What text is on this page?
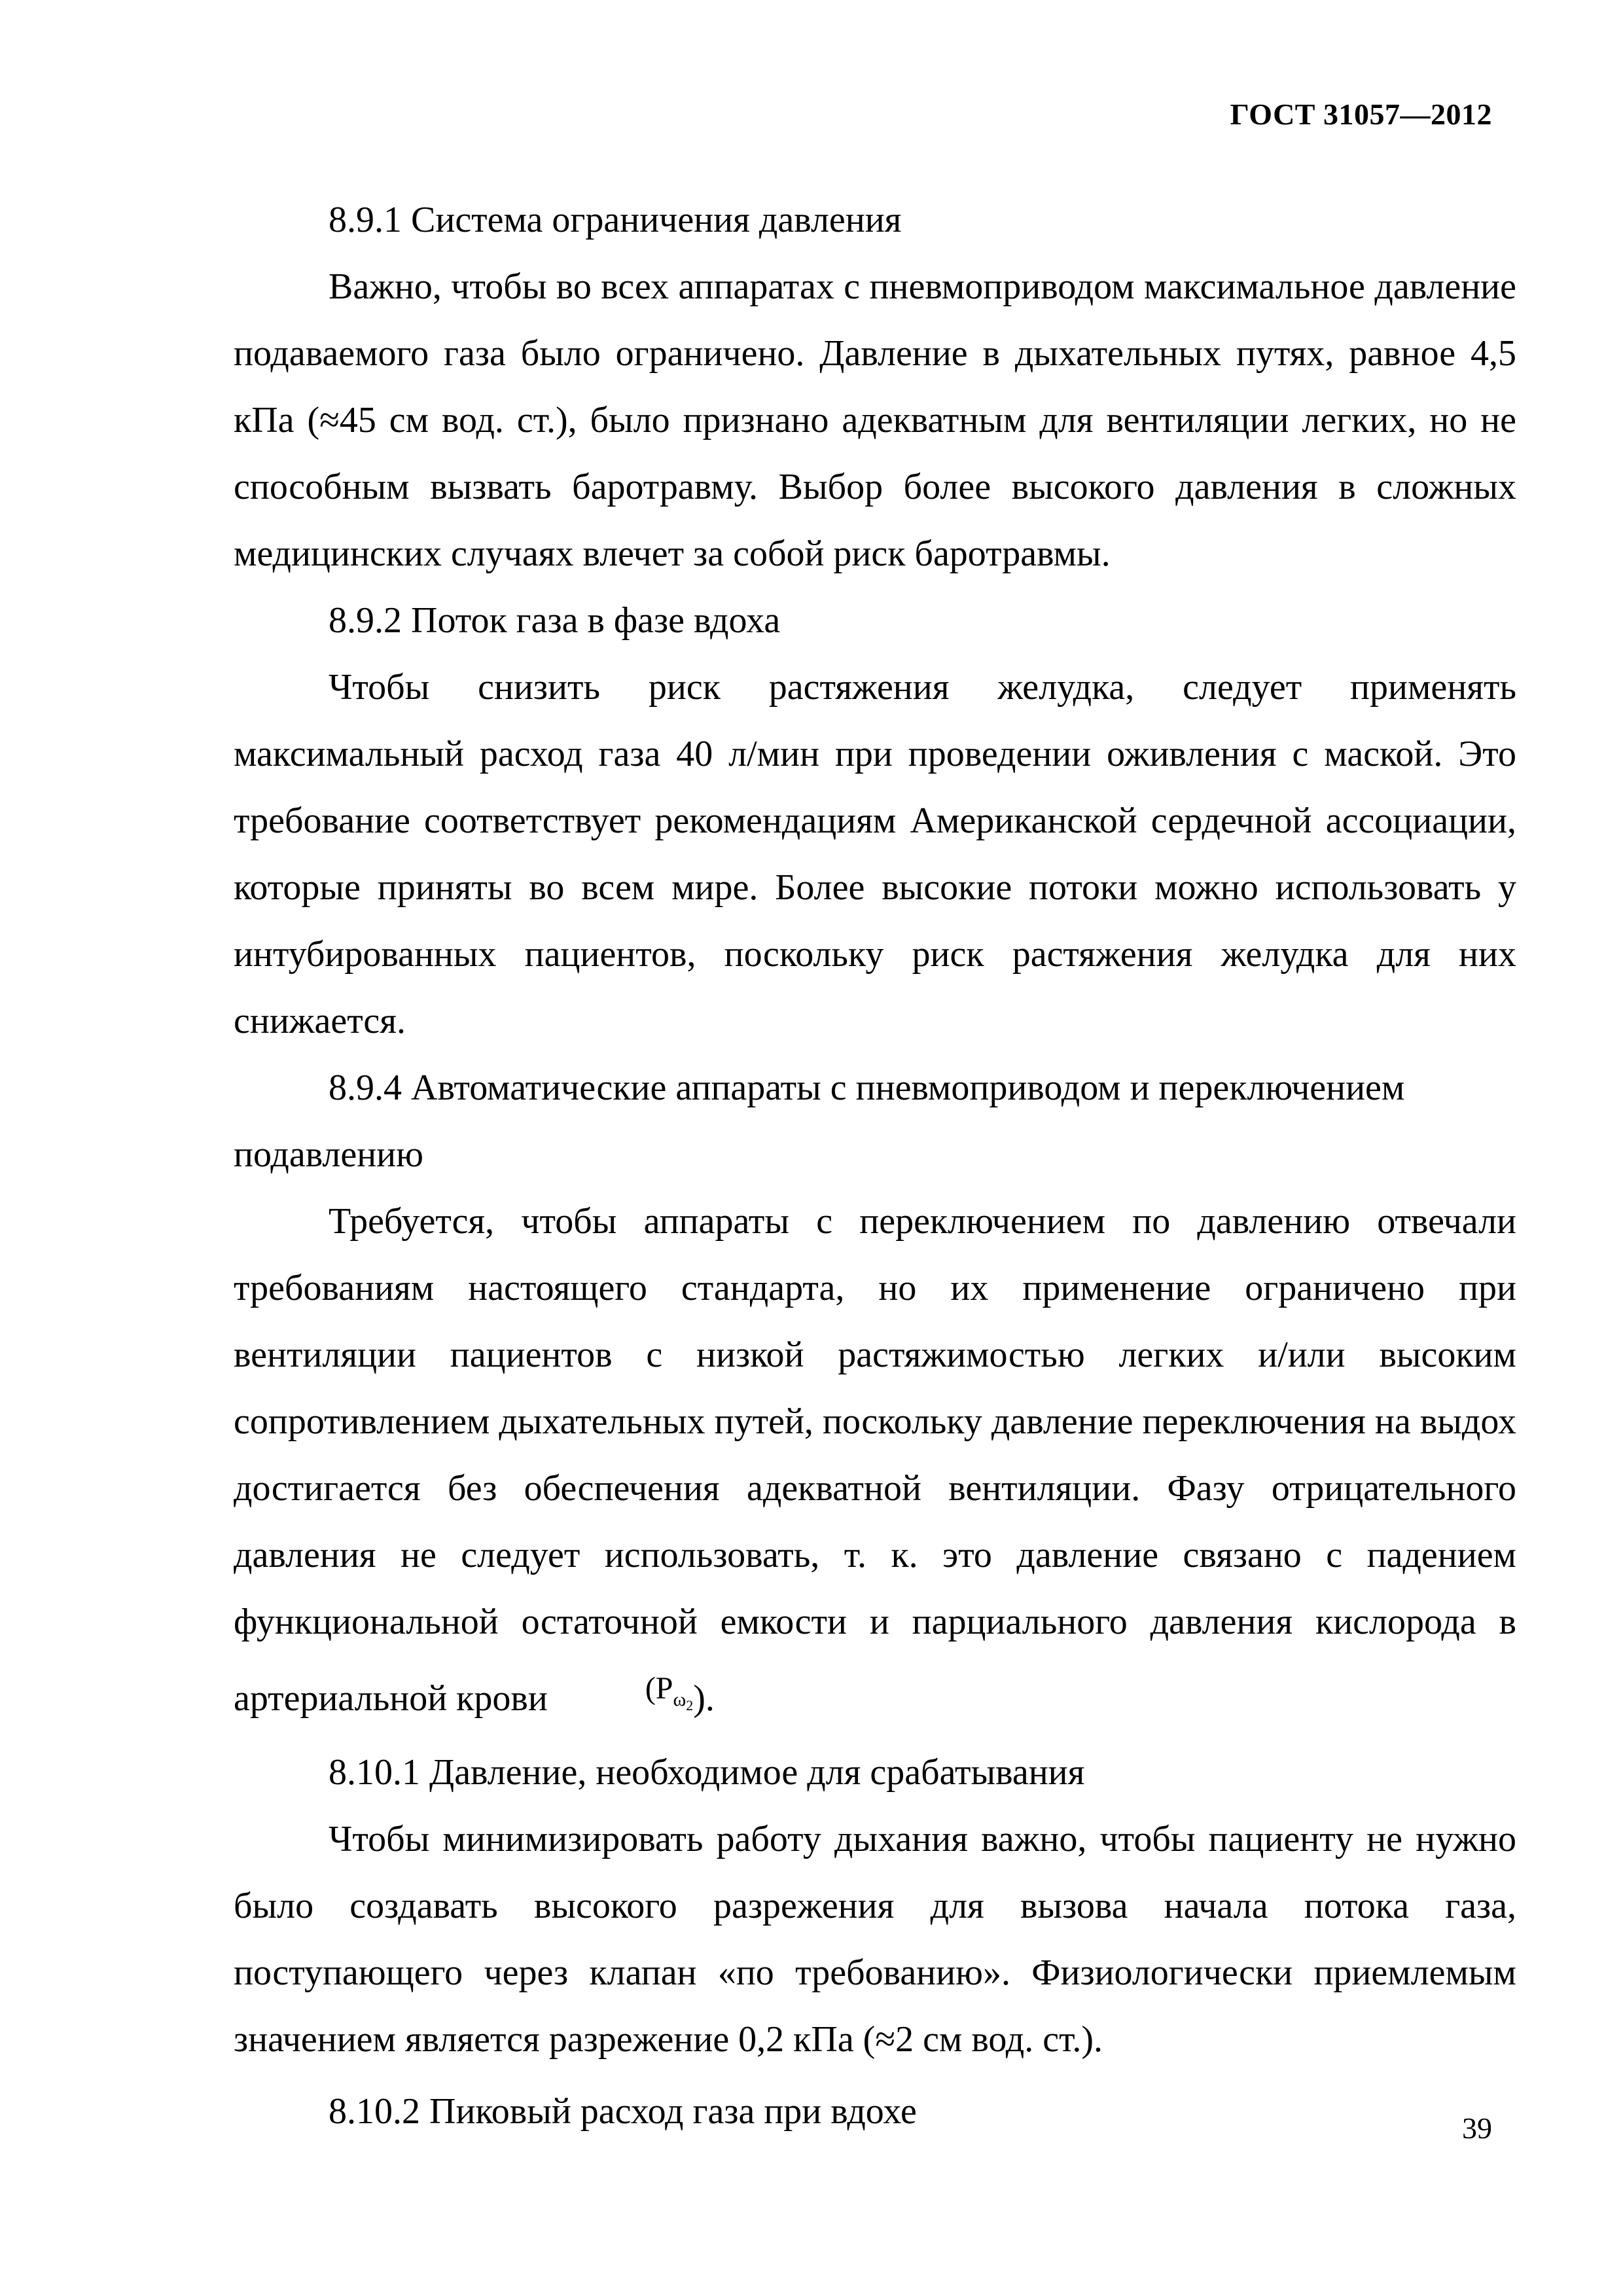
ГОСТ 31057—2012

8.9.1 Система ограничения давления

Важно, чтобы во всех аппаратах с пневмоприводом максимальное давление подаваемого газа было ограничено. Давление в дыхательных путях, равное 4,5 кПа (≈45 см вод. ст.), было признано адекватным для вентиляции легких, но не способным вызвать баротравму. Выбор более высокого давления в сложных медицинских случаях влечет за собой риск баротравмы.

8.9.2 Поток газа в фазе вдоха

Чтобы снизить риск растяжения желудка, следует применять максимальный расход газа 40 л/мин при проведении оживления с маской. Это требование соответствует рекомендациям Американской сердечной ассоциации, которые приняты во всем мире. Более высокие потоки можно использовать у интубированных пациентов, поскольку риск растяжения желудка для них снижается.

8.9.4 Автоматические аппараты с пневмоприводом и переключением подавлению

Требуется, чтобы аппараты с переключением по давлению отвечали требованиям настоящего стандарта, но их применение ограничено при вентиляции пациентов с низкой растяжимостью легких и/или высоким сопротивлением дыхательных путей, поскольку давление переключения на выдох достигается без обеспечения адекватной вентиляции. Фазу отрицательного давления не следует использовать, т. к. это давление связано с падением функциональной остаточной емкости и парциального давления кислорода в артериальной крови	$(P_{\omega_2})$.

8.10.1 Давление, необходимое для срабатывания

Чтобы минимизировать работу дыхания важно, чтобы пациенту не нужно было создавать высокого разрежения для вызова начала потока газа, поступающего через клапан «по требованию». Физиологически приемлемым значением является разрежение 0,2 кПа (≈2 см вод. ст.).

8.10.2 Пиковый расход газа при вдохе	39
